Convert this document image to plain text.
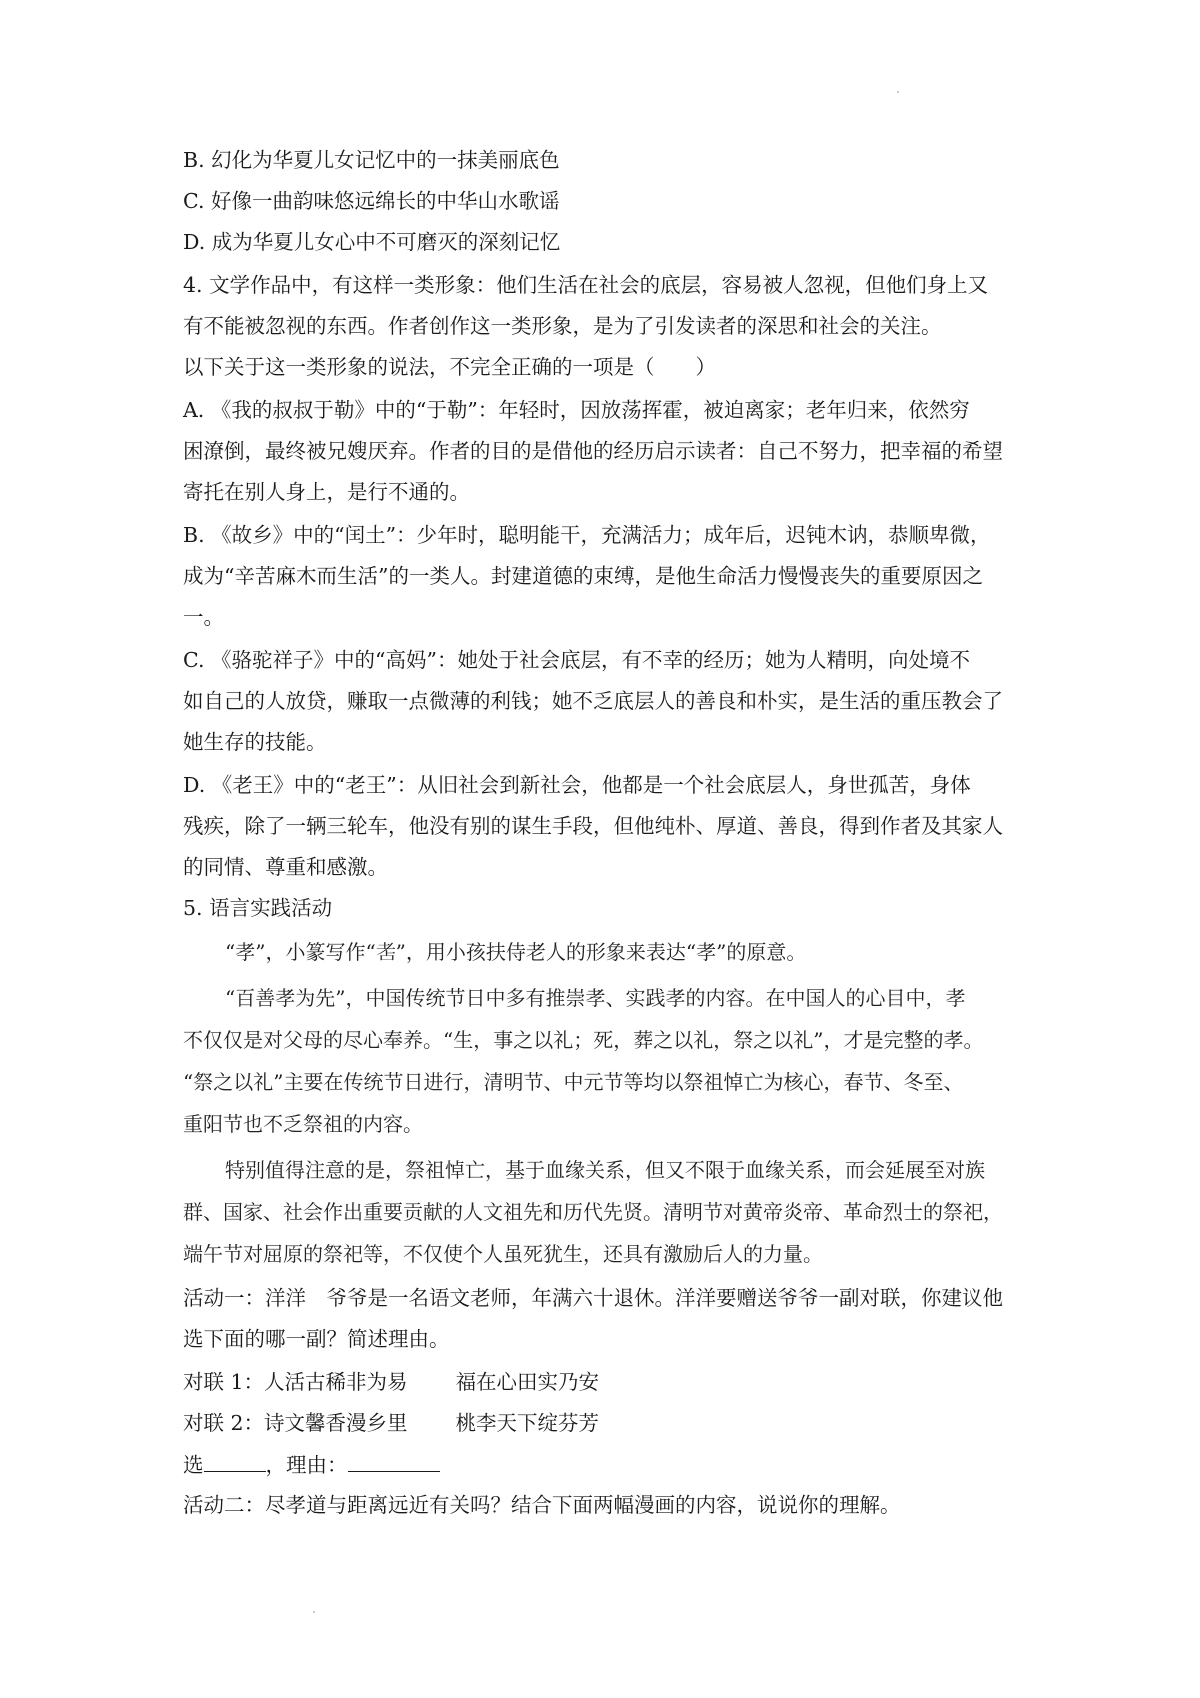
B. 幻化为华夏儿女记忆中的一抹美丽底色
C. 好像一曲韵味悠远绵长的中华山水歌谣
D. 成为华夏儿女心中不可磨灭的深刻记忆
4. 文学作品中，有这样一类形象：他们生活在社会的底层，容易被人忽视，但他们身上又
有不能被忽视的东西。作者创作这一类形象，是为了引发读者的深思和社会的关注。
以下关于这一类形象的说法，不完全正确的一项是（　　）
A. 《我的叔叔于勒》中的“于勒”：年轻时，因放荡挥霍，被迫离家；老年归来，依然穷
困潦倒，最终被兄嫂厌弃。作者的目的是借他的经历启示读者：自己不努力，把幸福的希望
寄托在别人身上，是行不通的。
B. 《故乡》中的“闰土”：少年时，聪明能干，充满活力；成年后，迟钝木讷，恭顺卑微，
成为“辛苦麻木而生活”的一类人。封建道德的束缚，是他生命活力慢慢丧失的重要原因之
一。
C. 《骆驼祥子》中的“高妈”：她处于社会底层，有不幸的经历；她为人精明，向处境不
如自己的人放贷，赚取一点微薄的利钱；她不乏底层人的善良和朴实，是生活的重压教会了
她生存的技能。
D. 《老王》中的“老王”：从旧社会到新社会，他都是一个社会底层人，身世孤苦，身体
残疾，除了一辆三轮车，他没有别的谋生手段，但他纯朴、厚道、善良，得到作者及其家人
的同情、尊重和感激。
5. 语言实践活动
“孝”，小篆写作“𦒻”，用小孩扶侍老人的形象来表达“孝”的原意。
“百善孝为先”，中国传统节日中多有推崇孝、实践孝的内容。在中国人的心目中，孝
不仅仅是对父母的尽心奉养。“生，事之以礼；死，葬之以礼，祭之以礼”，才是完整的孝。
“祭之以礼”主要在传统节日进行，清明节、中元节等均以祭祖悼亡为核心，春节、冬至、
重阳节也不乏祭祖的内容。
特别值得注意的是，祭祖悼亡，基于血缘关系，但又不限于血缘关系，而会延展至对族
群、国家、社会作出重要贡献的人文祖先和历代先贤。清明节对黄帝炎帝、革命烈士的祭祀，
端午节对屈原的祭祀等，不仅使个人虽死犹生，还具有激励后人的力量。
活动一：洋洋　爷爷是一名语文老师，年满六十退休。洋洋要赠送爷爷一副对联，你建议他
选下面的哪一副？简述理由。
对联 1：人活古稀非为易 福在心田实乃安
对联 2：诗文馨香漫乡里 桃李天下绽芬芳
选	，理由：
活动二：尽孝道与距离远近有关吗？结合下面两幅漫画的内容，说说你的理解。
